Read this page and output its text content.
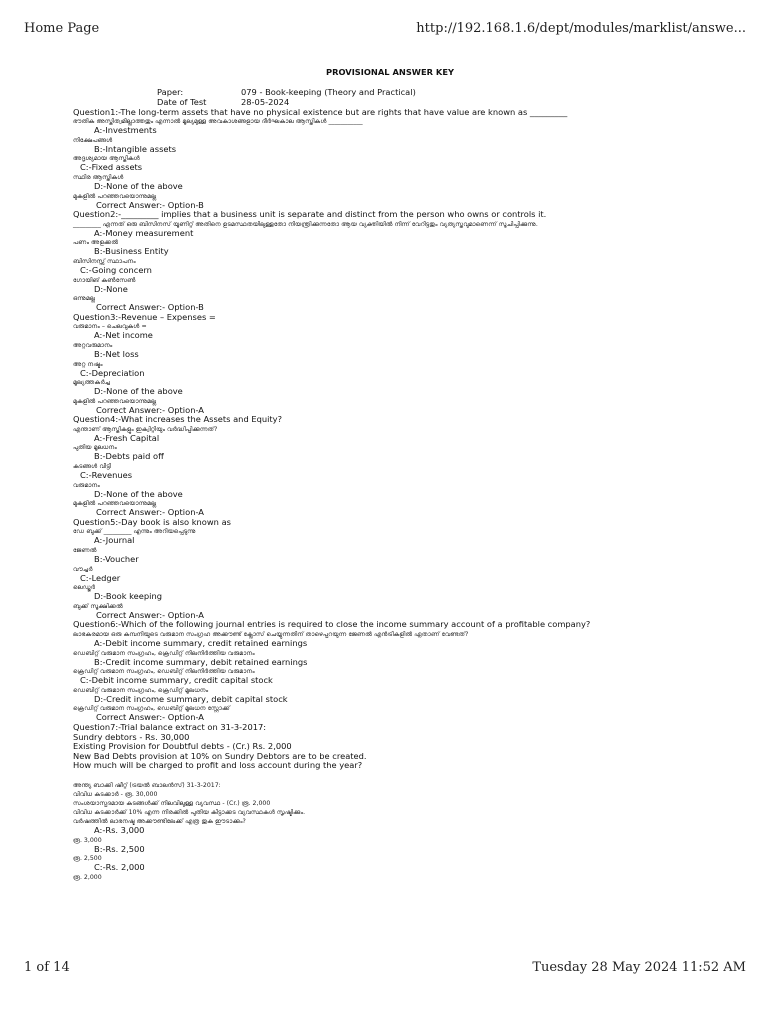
Home Page	http://192.168.1.6/dept/modules/marklist/answe...
PROVISIONAL ANSWER KEY
Paper:	079 - Book-keeping (Theory and Practical)
Date of Test	28-05-2024
Question1:-The long-term assets that have no physical existence but are rights that have value are known as _________
ഭൗതിക അസ്തിത്വമില്ലാത്തതും എന്നാൽ മൂല്യമുള്ള അവകാശങ്ങളായ ദീർഘകാല ആസ്തികൾ ___________
A:-Investments
നിക്ഷേപങ്ങൾ
B:-Intangible assets
അദൃശ്യമായ ആസ്തികൾ
C:-Fixed assets
സ്ഥിര ആസ്തികൾ
D:-None of the above
മുകളിൽ പറഞ്ഞവയൊന്നുമല്ല
Correct Answer:- Option-B
Question2:-_________ implies that a business unit is separate and distinct from the person who owns or controls it.
_________ എന്നത് ഒരു ബിസിനസ് യൂണിറ്റ് അതിനെ ഉടമസ്ഥതയിലുള്ളതോ നിയന്ത്രിക്കുന്നതോ ആയ വ്യക്തിയിൽ നിന്ന് വേറിട്ടതും വ്യത്യസ്തവുമാണെന്ന് സൂചിപ്പിക്കുന്നു.
A:-Money measurement
പണം അളക്കൽ
B:-Business Entity
ബിസിനസ്സ് സ്ഥാപനം
C:-Going concern
ഗോയിങ് കൺസേൺ
D:-None
ഒന്നുമല്ല
Correct Answer:- Option-B
Question3:-Revenue – Expenses =
വരുമാനം – ചെലവുകൾ =
A:-Net income
അറ്റവരുമാനം
B:-Net loss
അറ്റ നഷ്ടം
C:-Depreciation
മൂല്യത്തകർച്ച
D:-None of the above
മുകളിൽ പറഞ്ഞവയൊന്നുമല്ല
Correct Answer:- Option-A
Question4:-What increases the Assets and Equity?
എന്താണ് ആസ്തികളും ഇക്വിറ്റിയും വർദ്ധിപ്പിക്കുന്നത്?
A:-Fresh Capital
പുതിയ മൂലധനം
B:-Debts paid off
കടങ്ങൾ വീട്ടി
C:-Revenues
വരുമാനം
D:-None of the above
മുകളിൽ പറഞ്ഞവയൊന്നുമല്ല
Correct Answer:- Option-A
Question5:-Day book is also known as
ഡേ ബുക്ക് _________ എന്നും അറിയപ്പെടുന്നു
A:-Journal
ജേണൽ
B:-Voucher
വൗച്ചർ
C:-Ledger
ലെഡ്ജർ
D:-Book keeping
ബുക്ക് സൂക്ഷിക്കൽ
Correct Answer:- Option-A
Question6:-Which of the following journal entries is required to close the income summary account of a profitable company?
ലാഭകരമായ ഒരു കമ്പനിയുടെ വരുമാന സംഗ്രഹ അക്കൗണ്ട് ക്ലോസ് ചെയ്യുന്നതിന് താഴെപ്പറയുന്ന ജേണൽ എൻട്രികളിൽ ഏതാണ് വേണ്ടത്?
A:-Debit income summary, credit retained earnings
ഡെബിറ്റ് വരുമാന സംഗ്രഹം, ക്രെഡിറ്റ് നിലനിർത്തിയ വരുമാനം
B:-Credit income summary, debit retained earnings
ക്രെഡിറ്റ് വരുമാന സംഗ്രഹം, ഡെബിറ്റ് നിലനിർത്തിയ വരുമാനം
C:-Debit income summary, credit capital stock
ഡെബിറ്റ് വരുമാന സംഗ്രഹം, ക്രെഡിറ്റ് മൂലധനം
D:-Credit income summary, debit capital stock
ക്രെഡിറ്റ് വരുമാന സംഗ്രഹം, ഡെബിറ്റ് മൂലധന സ്റ്റോക്ക്
Correct Answer:- Option-A
Question7:-Trial balance extract on 31-3-2017:
Sundry debtors - Rs. 30,000
Existing Provision for Doubtful debts - (Cr.) Rs. 2,000
New Bad Debts provision at 10% on Sundry Debtors are to be created.
How much will be charged to profit and loss account during the year?
അന്ത്യ ബാക്കി ഷീറ്റ് (ട്രയൽ ബാലൻസ്) 31-3-2017:
വിവിധ കടക്കാർ - രൂ. 30,000
സംശയാസ്പദമായ കടങ്ങൾക്ക് നിലവിലുള്ള വ്യവസ്ഥ - (Cr.) രൂ. 2,000
വിവിധ കടക്കാർക്ക് 10% എന്ന നിരക്കിൽ പുതിയ കിട്ടാക്കട വ്യവസ്ഥകൾ സൃഷ്ടിക്കും.
വർഷത്തിൽ ലാഭനഷ്ട അക്കൗണ്ടിലേക്ക് എത്ര തുക ഈടാക്കും?
A:-Rs. 3,000
രൂ. 3,000
B:-Rs. 2,500
രൂ. 2,500
C:-Rs. 2,000
രൂ. 2,000
1 of 14	Tuesday 28 May 2024 11:52 AM
